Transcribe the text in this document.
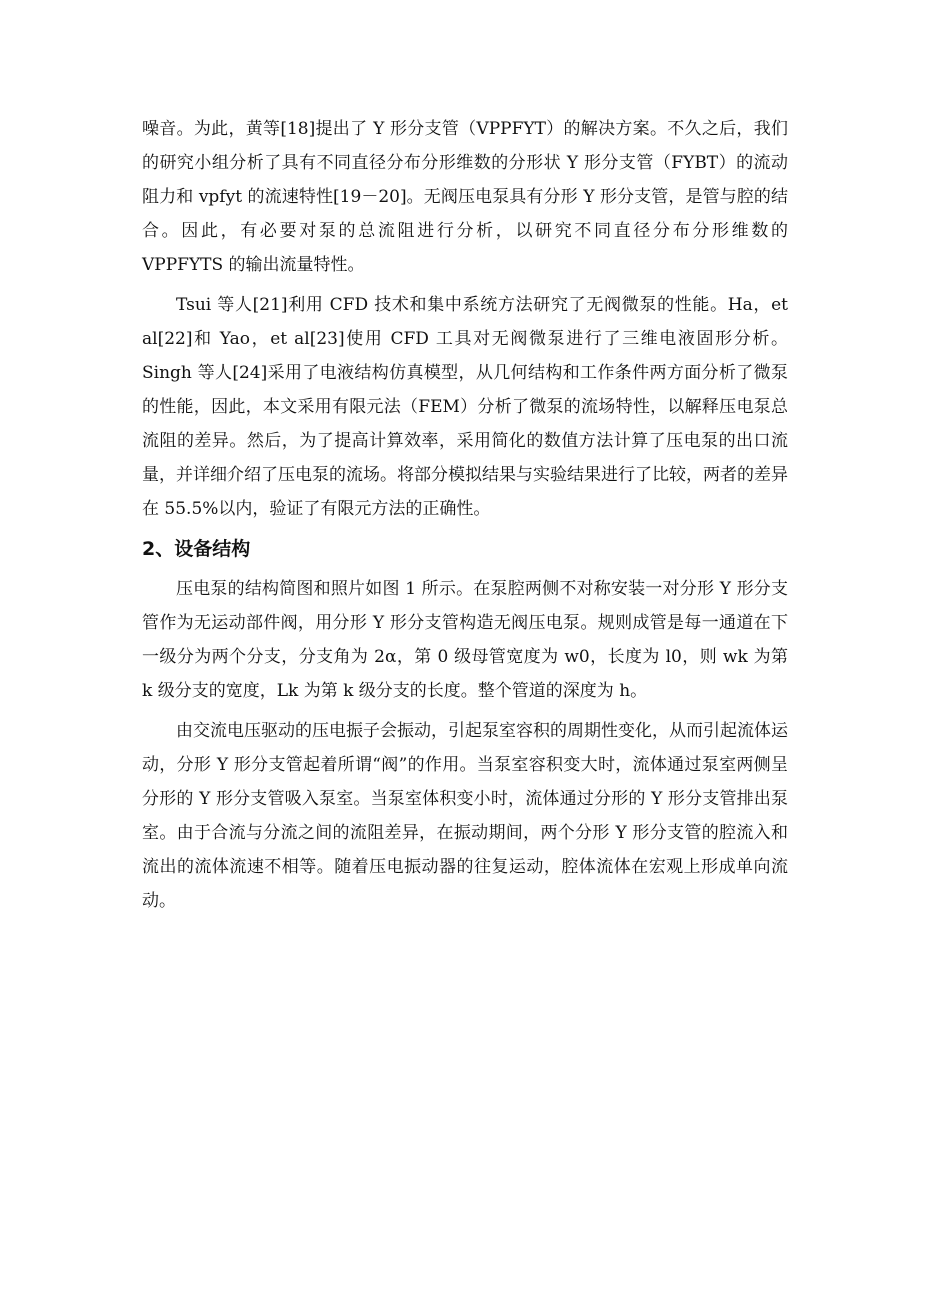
噪音。为此，黄等[18]提出了 Y 形分支管（VPPFYT）的解决方案。不久之后，我们的研究小组分析了具有不同直径分布分形维数的分形状 Y 形分支管（FYBT）的流动阻力和 vpfyt 的流速特性[19－20]。无阀压电泵具有分形 Y 形分支管，是管与腔的结合。因此，有必要对泵的总流阻进行分析，以研究不同直径分布分形维数的 VPPFYTS 的输出流量特性。

Tsui 等人[21]利用 CFD 技术和集中系统方法研究了无阀微泵的性能。Ha，et al[22]和 Yao，et al[23]使用 CFD 工具对无阀微泵进行了三维电液固形分析。Singh 等人[24]采用了电液结构仿真模型，从几何结构和工作条件两方面分析了微泵的性能，因此，本文采用有限元法（FEM）分析了微泵的流场特性，以解释压电泵总流阻的差异。然后，为了提高计算效率，采用简化的数值方法计算了压电泵的出口流量，并详细介绍了压电泵的流场。将部分模拟结果与实验结果进行了比较，两者的差异在 55.5%以内，验证了有限元方法的正确性。

2、设备结构

压电泵的结构简图和照片如图 1 所示。在泵腔两侧不对称安装一对分形 Y 形分支管作为无运动部件阀，用分形 Y 形分支管构造无阀压电泵。规则成管是每一通道在下一级分为两个分支，分支角为 2α，第 0 级母管宽度为 w0，长度为 l0，则 wk 为第 k 级分支的宽度，Lk 为第 k 级分支的长度。整个管道的深度为 h。

由交流电压驱动的压电振子会振动，引起泵室容积的周期性变化，从而引起流体运动，分形 Y 形分支管起着所谓“阀”的作用。当泵室容积变大时，流体通过泵室两侧呈分形的 Y 形分支管吸入泵室。当泵室体积变小时，流体通过分形的 Y 形分支管排出泵室。由于合流与分流之间的流阻差异，在振动期间，两个分形 Y 形分支管的腔流入和流出的流体流速不相等。随着压电振动器的往复运动，腔体流体在宏观上形成单向流动。
